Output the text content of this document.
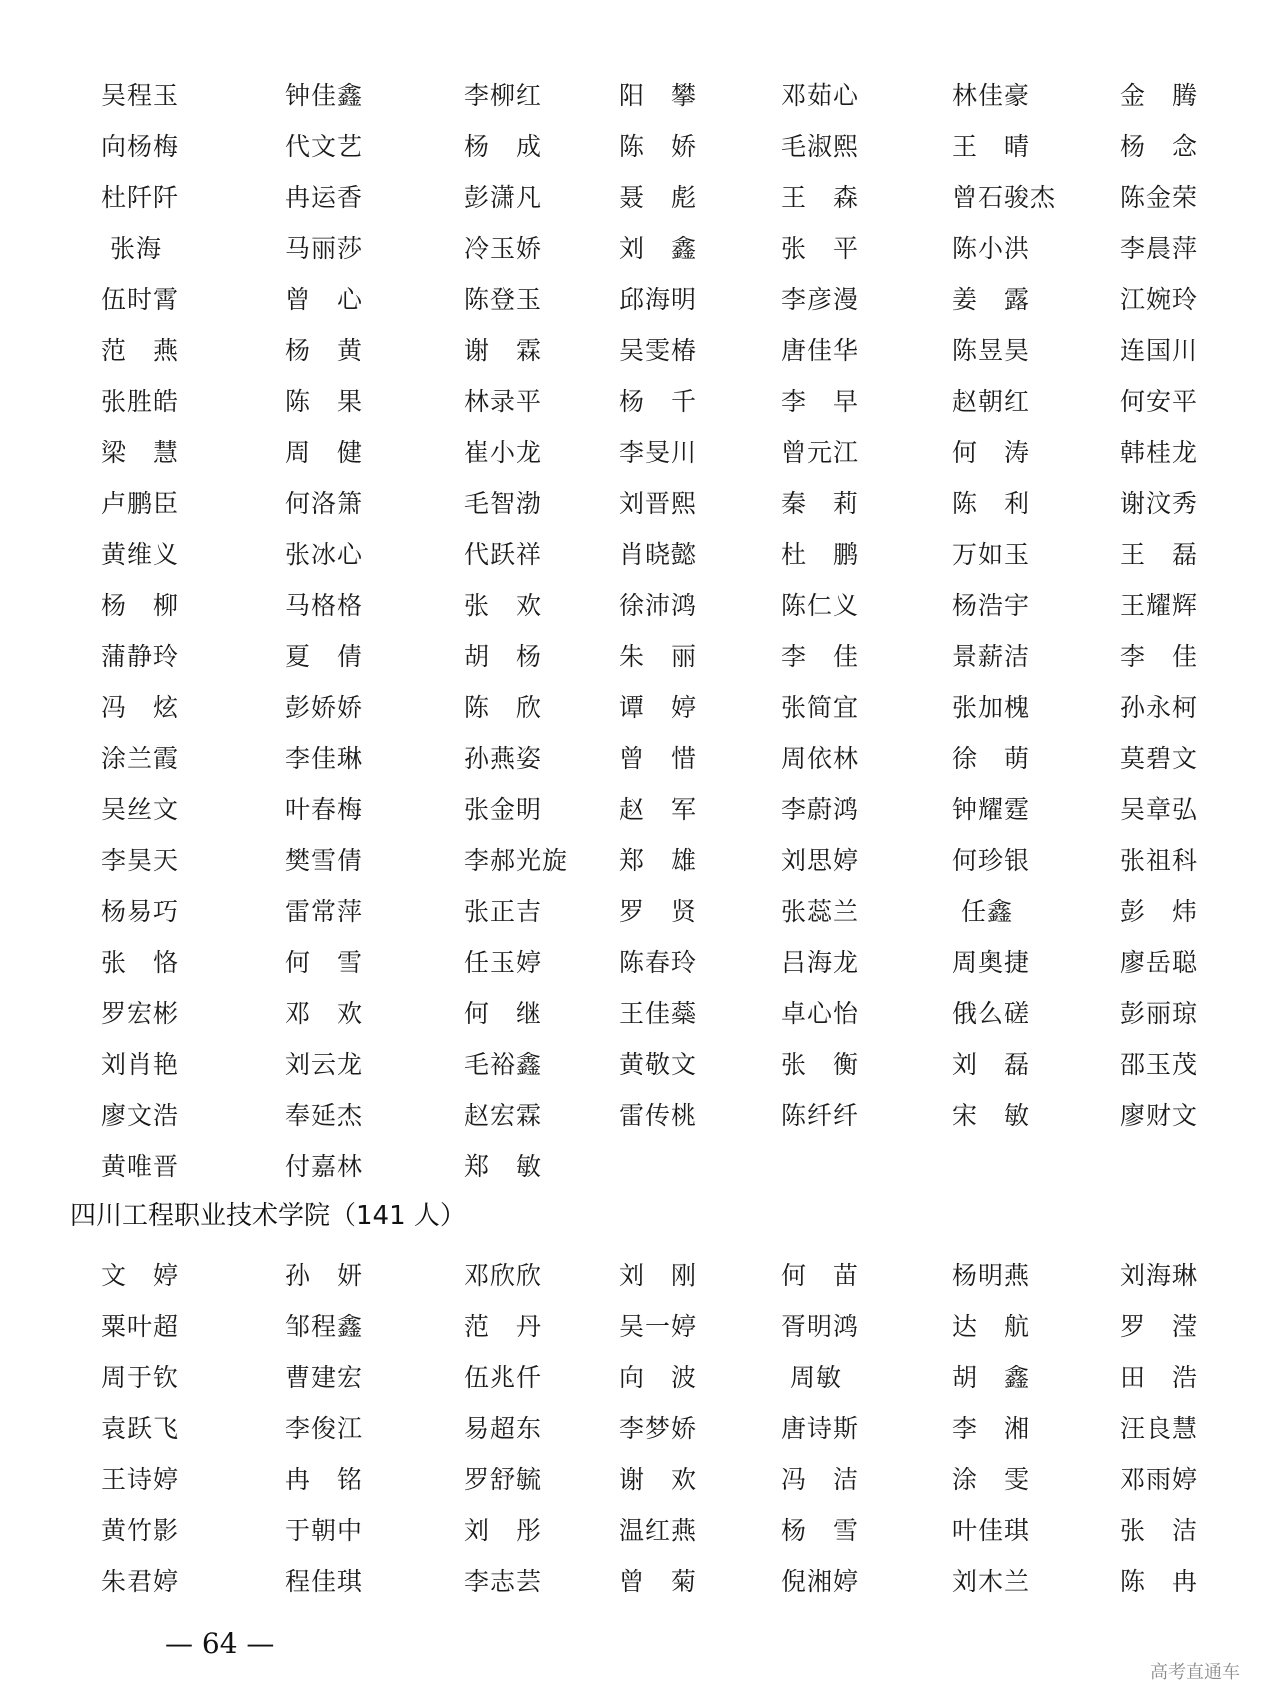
吴程玉	钟佳鑫	李柳红	阳　攀	邓茹心	林佳豪	金　腾
向杨梅	代文艺	杨　成	陈　娇	毛淑熙	王　晴	杨　念
杜阡阡	冉运香	彭潇凡	聂　彪	王　森	曾石骏杰	陈金荣
张海	马丽莎	冷玉娇	刘　鑫	张　平	陈小洪	李晨萍
伍时霄	曾　心	陈登玉	邱海明	李彦漫	姜　露	江婉玲
范　燕	杨　黄	谢　霖	吴雯椿	唐佳华	陈昱昊	连国川
张胜皓	陈　果	林录平	杨　千	李　早	赵朝红	何安平
梁　慧	周　健	崔小龙	李旻川	曾元江	何　涛	韩桂龙
卢鹏臣	何洛箫	毛智渤	刘晋熙	秦　莉	陈　利	谢汶秀
黄维义	张冰心	代跃祥	肖晓懿	杜　鹏	万如玉	王　磊
杨　柳	马格格	张　欢	徐沛鸿	陈仁义	杨浩宇	王耀辉
蒲静玲	夏　倩	胡　杨	朱　丽	李　佳	景薪洁	李　佳
冯　炫	彭娇娇	陈　欣	谭　婷	张简宜	张加槐	孙永柯
涂兰霞	李佳琳	孙燕姿	曾　惜	周依林	徐　萌	莫碧文
吴丝文	叶春梅	张金明	赵　军	李蔚鸿	钟耀霆	吴章弘
李昊天	樊雪倩	李郝光旋	郑　雄	刘思婷	何珍银	张祖科
杨易巧	雷常萍	张正吉	罗　贤	张蕊兰	任鑫	彭　炜
张　恪	何　雪	任玉婷	陈春玲	吕海龙	周奥捷	廖岳聪
罗宏彬	邓　欢	何　继	王佳蘂	卓心怡	俄么磋	彭丽琼
刘肖艳	刘云龙	毛裕鑫	黄敬文	张　衡	刘　磊	邵玉茂
廖文浩	奉延杰	赵宏霖	雷传桃	陈纤纤	宋　敏	廖财文
黄唯晋	付嘉林	郑　敏
四川工程职业技术学院（141 人）
文　婷	孙　妍	邓欣欣	刘　刚	何　苗	杨明燕	刘海琳
粟叶超	邹程鑫	范　丹	吴一婷	胥明鸿	达　航	罗　滢
周于钦	曹建宏	伍兆仟	向　波	周敏	胡　鑫	田　浩
袁跃飞	李俊江	易超东	李梦娇	唐诗斯	李　湘	汪良慧
王诗婷	冉　铭	罗舒毓	谢　欢	冯　洁	涂　雯	邓雨婷
黄竹影	于朝中	刘　彤	温红燕	杨　雪	叶佳琪	张　洁
朱君婷	程佳琪	李志芸	曾　菊	倪湘婷	刘木兰	陈　冉
— 64 —
高考直通车
